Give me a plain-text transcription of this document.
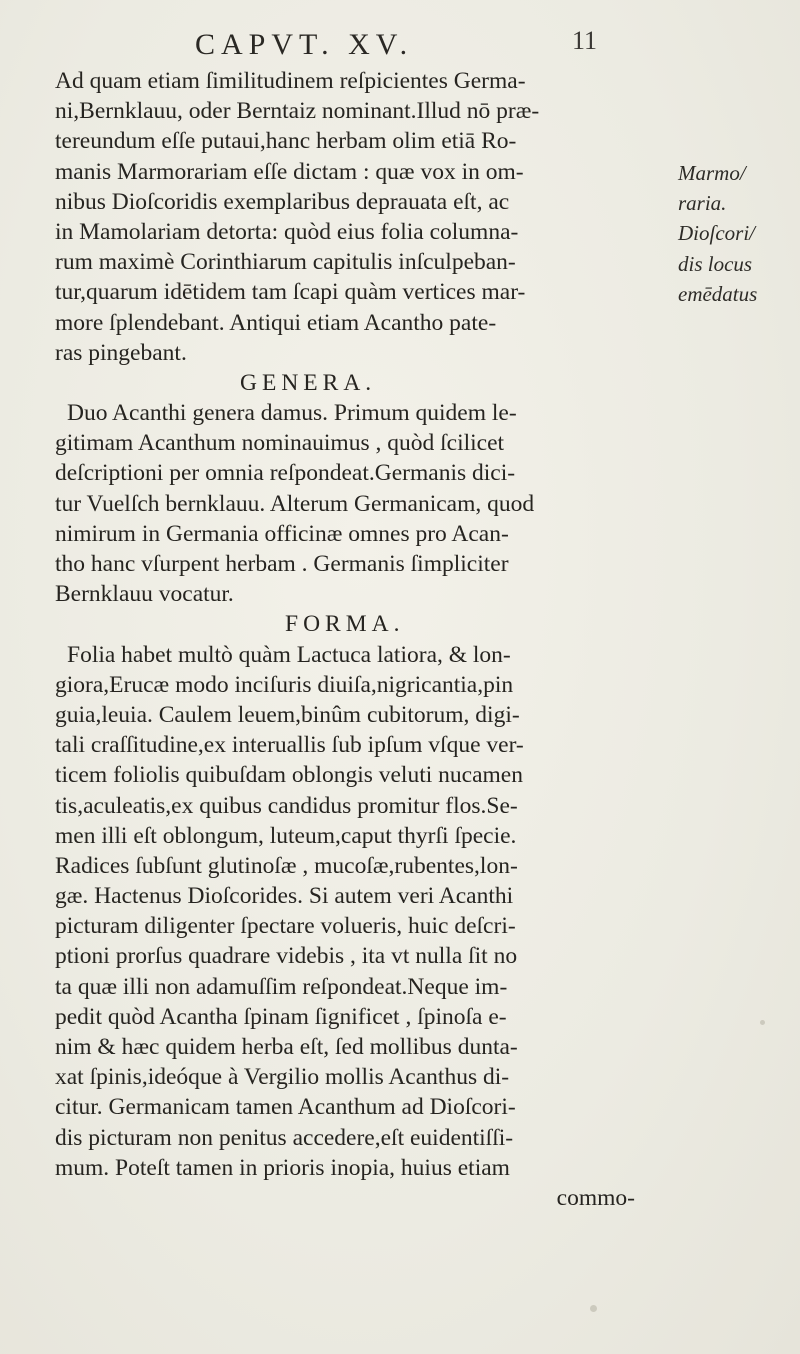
CAPVT. XV.	11
Ad quam etiam ſimilitudinem reſpicientes Germa-
ni,Bernklauu, oder Berntaiz nominant.Illud nō præ-
tereundum eſſe putaui,hanc herbam olim etiā Ro-
manis Marmorariam eſſe dictam : quæ vox in om-
nibus Dioſcoridis exemplaribus deprauata eſt, ac
in Mamolariam detorta: quòd eius folia columna-
rum maximè Corinthiarum capitulis inſculpeban-
tur,quarum idētidem tam ſcapi quàm vertices mar-
more ſplendebant. Antiqui etiam Acantho pate-
ras pingebant.
GENERA.
Duo Acanthi genera damus. Primum quidem le-
gitimam Acanthum nominauimus , quòd ſcilicet
deſcriptioni per omnia reſpondeat.Germanis dici-
tur Vuelſch bernklauu. Alterum Germanicam, quod
nimirum in Germania officinæ omnes pro Acan-
tho hanc vſurpent herbam . Germanis ſimpliciter
Bernklauu vocatur.
FORMA.
Folia habet multò quàm Lactuca latiora, & lon-
giora,Erucæ modo inciſuris diuiſa,nigricantia,pin
guia,leuia. Caulem leuem,binûm cubitorum, digi-
tali craſſitudine,ex interuallis ſub ipſum vſque ver-
ticem foliolis quibuſdam oblongis veluti nucamen
tis,aculeatis,ex quibus candidus promitur flos.Se-
men illi eſt oblongum, luteum,caput thyrſi ſpecie.
Radices ſubſunt glutinoſæ , mucoſæ,rubentes,lon-
gæ. Hactenus Dioſcorides. Si autem veri Acanthi
picturam diligenter ſpectare volueris, huic deſcri-
ptioni prorſus quadrare videbis , ita vt nulla ſit no
ta quæ illi non adamuſſim reſpondeat.Neque im-
pedit quòd Acantha ſpinam ſignificet , ſpinoſa e-
nim & hæc quidem herba eſt, ſed mollibus dunta-
xat ſpinis,ideóque à Vergilio mollis Acanthus di-
citur. Germanicam tamen Acanthum ad Dioſcori-
dis picturam non penitus accedere,eſt euidentiſſi-
mum. Poteſt tamen in prioris inopia, huius etiam
commo-
Marmo/
raria.
Dioſcori/
dis locus
emēdatus
